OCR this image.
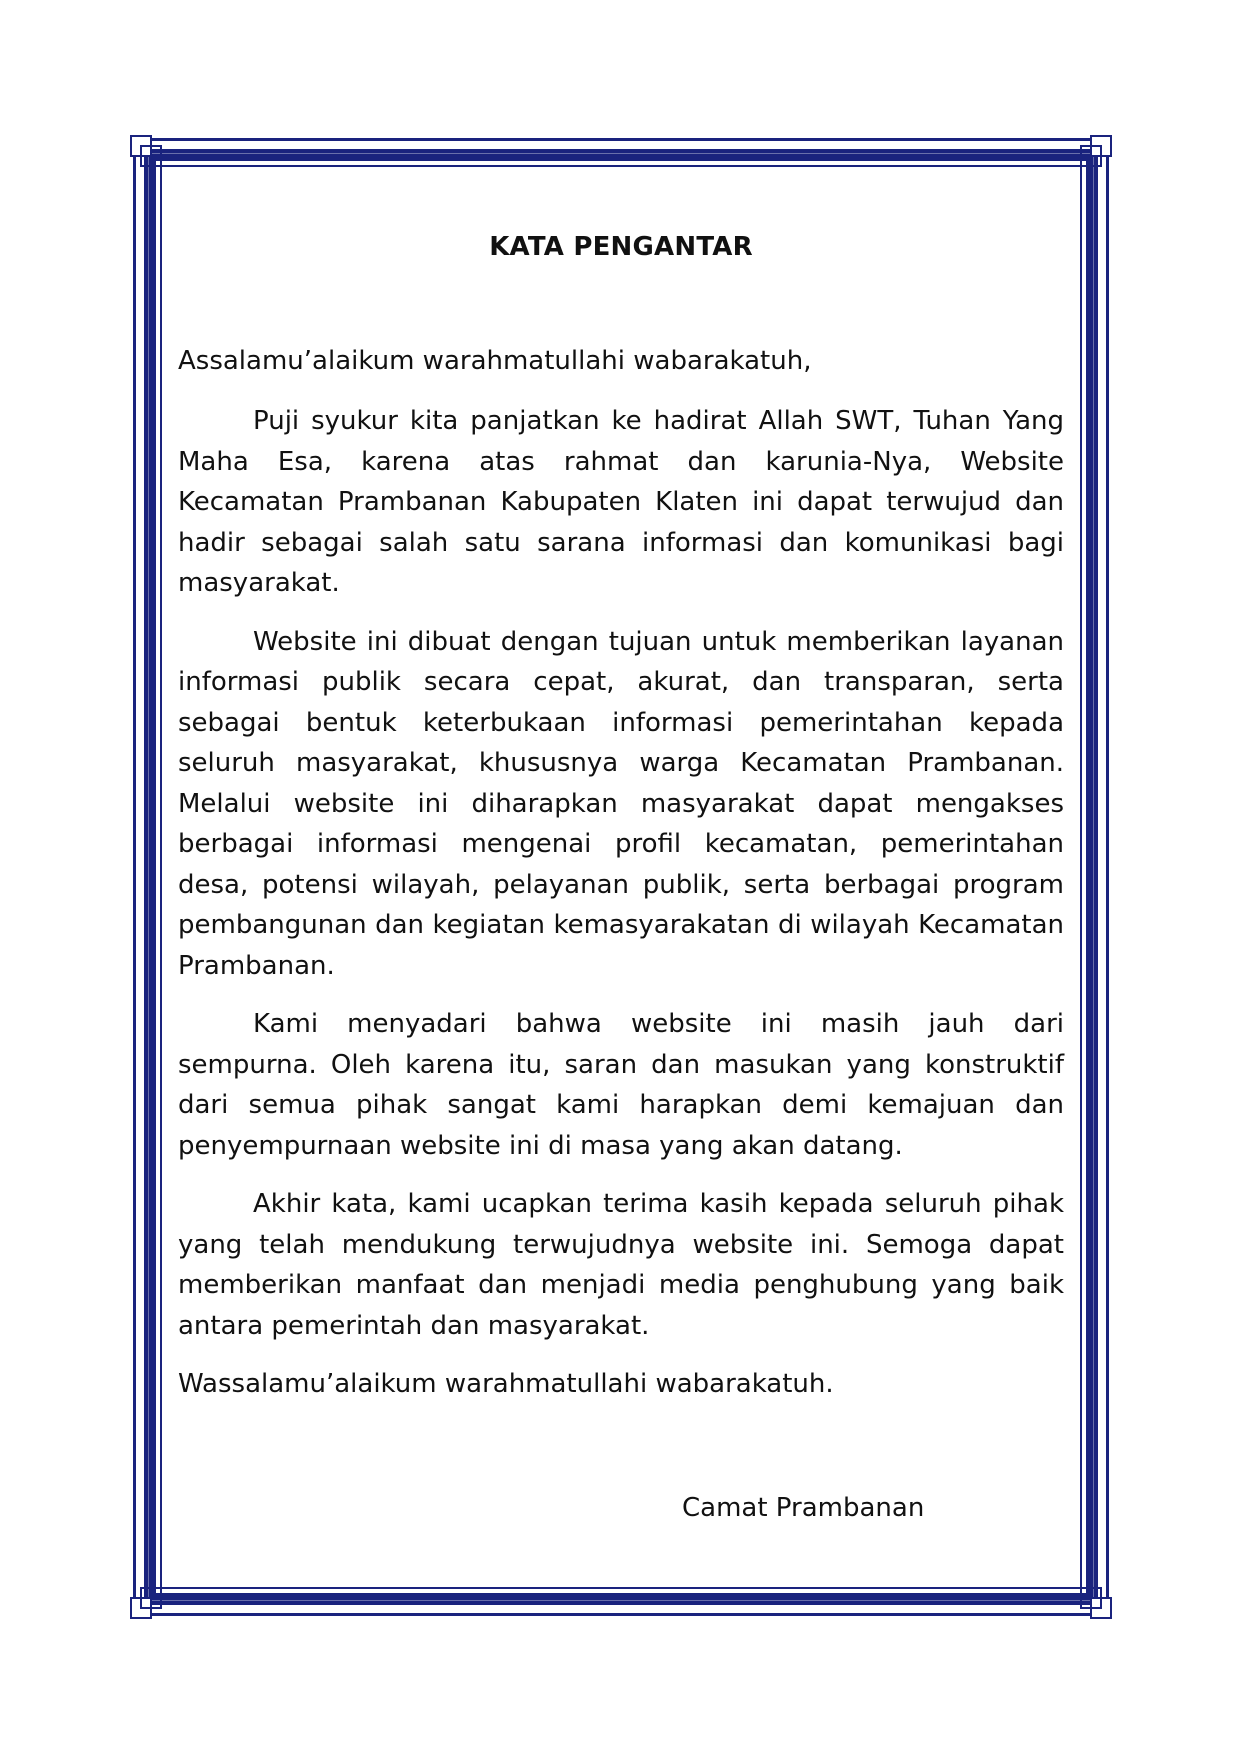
KATA PENGANTAR

Assalamu’alaikum warahmatullahi wabarakatuh,

Puji syukur kita panjatkan ke hadirat Allah SWT, Tuhan Yang Maha Esa, karena atas rahmat dan karunia-Nya, Website Kecamatan Prambanan Kabupaten Klaten ini dapat terwujud dan hadir sebagai salah satu sarana informasi dan komunikasi bagi masyarakat.

Website ini dibuat dengan tujuan untuk memberikan layanan informasi publik secara cepat, akurat, dan transparan, serta sebagai bentuk keterbukaan informasi pemerintahan kepada seluruh masyarakat, khususnya warga Kecamatan Prambanan. Melalui website ini diharapkan masyarakat dapat mengakses berbagai informasi mengenai profil kecamatan, pemerintahan desa, potensi wilayah, pelayanan publik, serta berbagai program pembangunan dan kegiatan kemasyarakatan di wilayah Kecamatan Prambanan.

Kami menyadari bahwa website ini masih jauh dari sempurna. Oleh karena itu, saran dan masukan yang konstruktif dari semua pihak sangat kami harapkan demi kemajuan dan penyempurnaan website ini di masa yang akan datang.

Akhir kata, kami ucapkan terima kasih kepada seluruh pihak yang telah mendukung terwujudnya website ini. Semoga dapat memberikan manfaat dan menjadi media penghubung yang baik antara pemerintah dan masyarakat.

Wassalamu’alaikum warahmatullahi wabarakatuh.

Camat Prambanan
